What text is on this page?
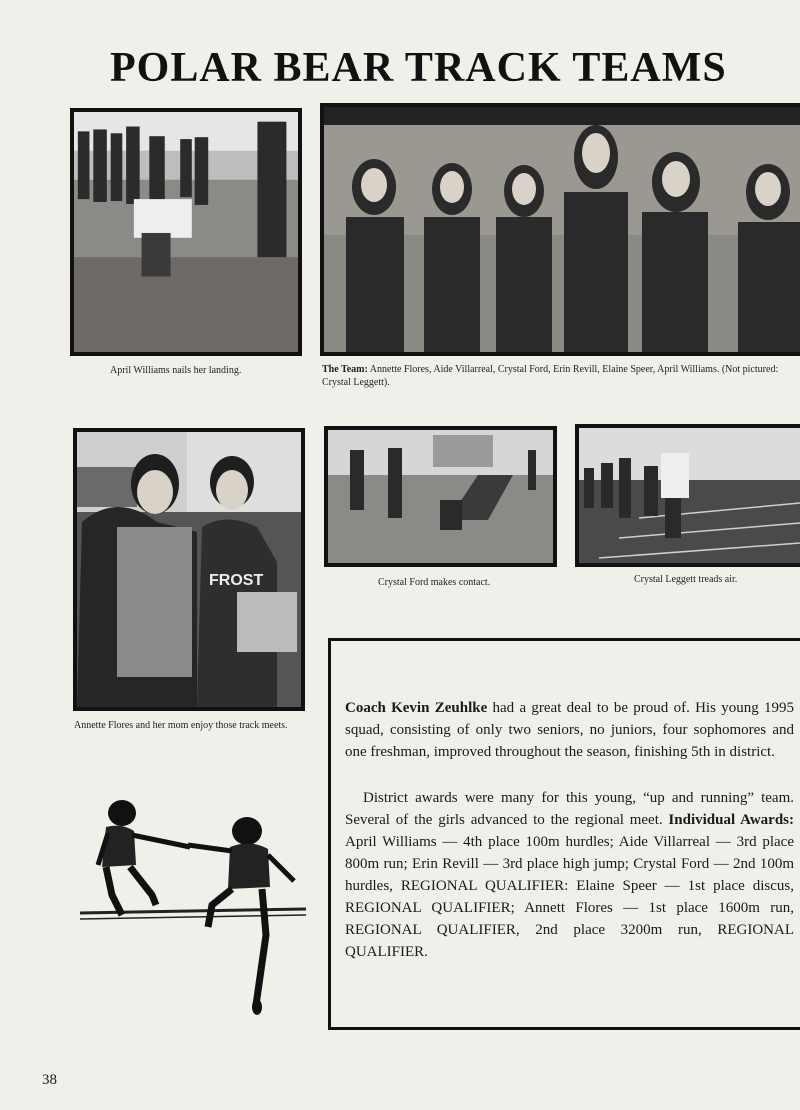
POLAR BEAR TRACK TEAMS
April Williams nails her landing.	The Team: Annette Flores, Aide Villarreal, Crystal Ford, Erin Revill, Elaine Speer, April Williams. (Not pictured: Crystal Leggett).
FROST
Annette Flores and her mom enjoy those track meets.
Crystal Ford makes contact.	Crystal Leggett treads air.

Coach Kevin Zeuhlke had a great deal to be proud of. His young 1995 squad, consisting of only two seniors, no juniors, four sophomores and one freshman, improved throughout the season, finishing 5th in district.

District awards were many for this young, “up and running” team. Several of the girls advanced to the regional meet. Individual Awards: April Williams — 4th place 100m hurdles; Aide Villarreal — 3rd place 800m run; Erin Revill — 3rd place high jump; Crystal Ford — 2nd 100m hurdles, REGIONAL QUALIFIER: Elaine Speer — 1st place discus, REGIONAL QUALIFIER; Annett Flores — 1st place 1600m run, REGIONAL QUALIFIER, 2nd place 3200m run, REGIONAL QUALIFIER.

38
